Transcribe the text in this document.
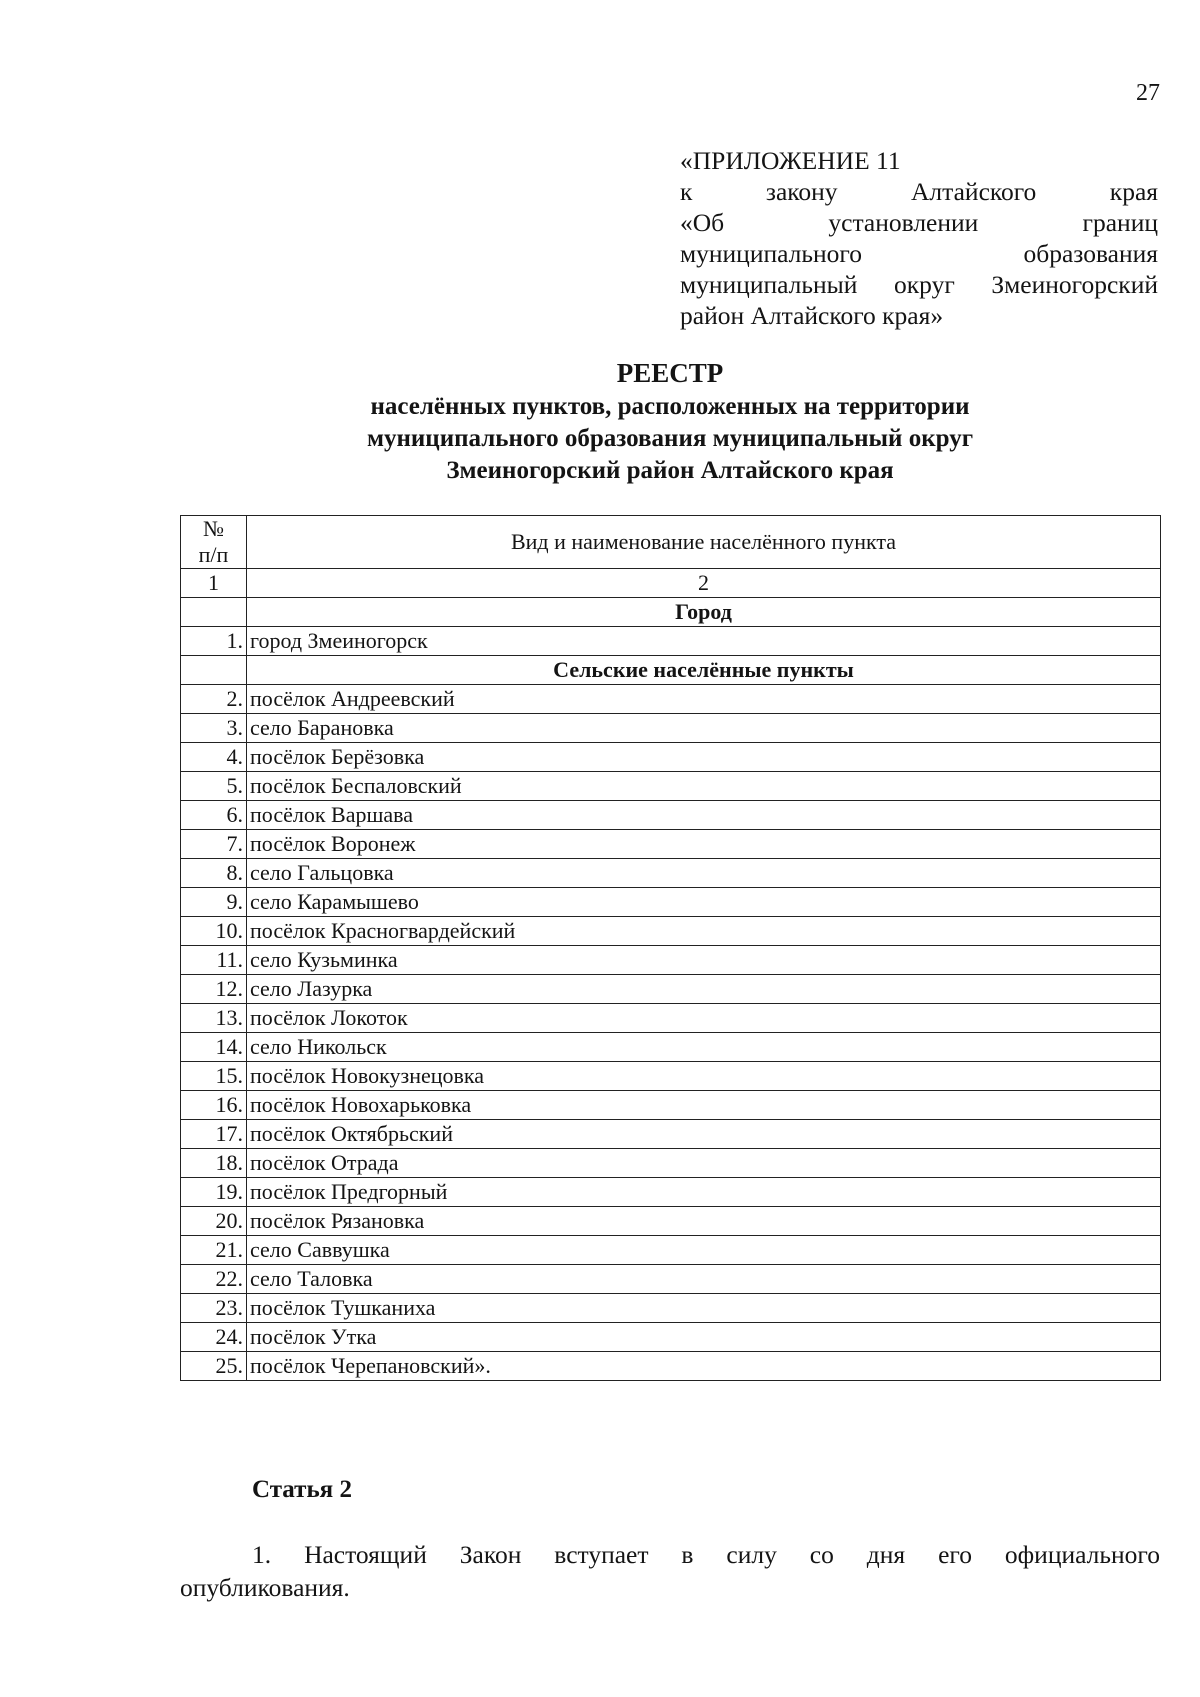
27
«ПРИЛОЖЕНИЕ 11
к закону Алтайского края
«Об установлении границ
муниципального образования
муниципальный округ Змеиногорский
район Алтайского края»
РЕЕСТР
населённых пунктов, расположенных на территории
муниципального образования муниципальный округ
Змеиногорский район Алтайского края
№
п/п	Вид и наименование населённого пункта
1	2
	Город
1.	город Змеиногорск
	Сельские населённые пункты
2.	посёлок Андреевский
3.	село Барановка
4.	посёлок Берёзовка
5.	посёлок Беспаловский
6.	посёлок Варшава
7.	посёлок Воронеж
8.	село Гальцовка
9.	село Карамышево
10.	посёлок Красногвардейский
11.	село Кузьминка
12.	село Лазурка
13.	посёлок Локоток
14.	село Никольск
15.	посёлок Новокузнецовка
16.	посёлок Новохарьковка
17.	посёлок Октябрьский
18.	посёлок Отрада
19.	посёлок Предгорный
20.	посёлок Рязановка
21.	село Саввушка
22.	село Таловка
23.	посёлок Тушканиха
24.	посёлок Утка
25.	посёлок Черепановский».
Статья 2
1. Настоящий Закон вступает в силу со дня его официального
опубликования.
